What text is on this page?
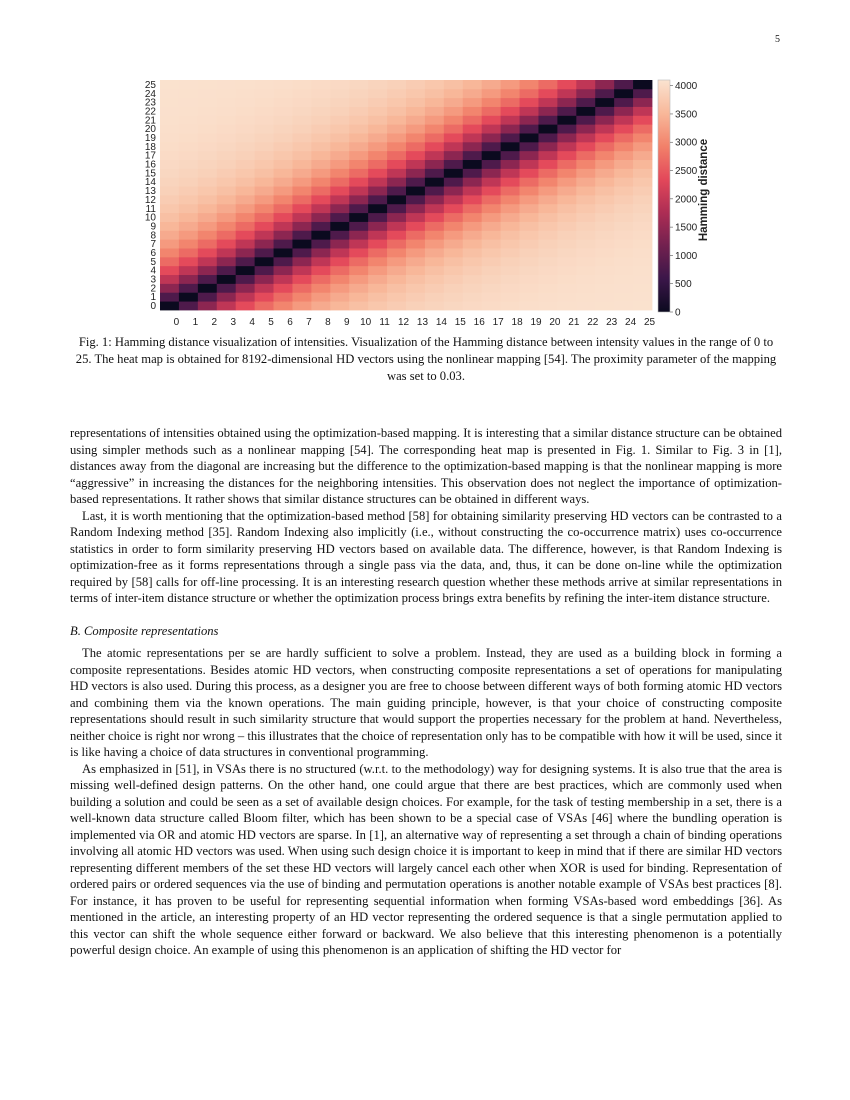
5
0
1
2
3
4
5
6
7
8
9
10
11
12
13
14
15
16
17
18
19
20
21
22
23
24
25
0 1 2 3 4 5 6 7 8 9 10 11 12 13 14 15 16 17 18 19 20 21 22 23 24 25
0
500
1000
1500
2000
2500
3000
3500
4000
Hamming distance
Fig. 1: Hamming distance visualization of intensities. Visualization of the Hamming distance between intensity values in the range of 0 to 25. The heat map is obtained for 8192-dimensional HD vectors using the nonlinear mapping [54]. The proximity parameter of the mapping was set to 0.03.

representations of intensities obtained using the optimization-based mapping. It is interesting that a similar distance structure can be obtained using simpler methods such as a nonlinear mapping [54]. The corresponding heat map is presented in Fig. 1. Similar to Fig. 3 in [1], distances away from the diagonal are increasing but the difference to the optimization-based mapping is that the nonlinear mapping is more “aggressive” in increasing the distances for the neighboring intensities. This observation does not neglect the importance of optimization-based representations. It rather shows that similar distance structures can be obtained in different ways.

Last, it is worth mentioning that the optimization-based method [58] for obtaining similarity preserving HD vectors can be contrasted to a Random Indexing method [35]. Random Indexing also implicitly (i.e., without constructing the co-occurrence matrix) uses co-occurrence statistics in order to form similarity preserving HD vectors based on available data. The difference, however, is that Random Indexing is optimization-free as it forms representations through a single pass via the data, and, thus, it can be done on-line while the optimization required by [58] calls for off-line processing. It is an interesting research question whether these methods arrive at similar representations in terms of inter-item distance structure or whether the optimization process brings extra benefits by refining the inter-item distance structure.

B. Composite representations

The atomic representations per se are hardly sufficient to solve a problem. Instead, they are used as a building block in forming a composite representations. Besides atomic HD vectors, when constructing composite representations a set of operations for manipulating HD vectors is also used. During this process, as a designer you are free to choose between different ways of both forming atomic HD vectors and combining them via the known operations. The main guiding principle, however, is that your choice of constructing composite representations should result in such similarity structure that would support the properties necessary for the problem at hand. Nevertheless, neither choice is right nor wrong – this illustrates that the choice of representation only has to be compatible with how it will be used, since it is like having a choice of data structures in conventional programming.

As emphasized in [51], in VSAs there is no structured (w.r.t. to the methodology) way for designing systems. It is also true that the area is missing well-defined design patterns. On the other hand, one could argue that there are best practices, which are commonly used when building a solution and could be seen as a set of available design choices. For example, for the task of testing membership in a set, there is a well-known data structure called Bloom filter, which has been shown to be a special case of VSAs [46] where the bundling operation is implemented via OR and atomic HD vectors are sparse. In [1], an alternative way of representing a set through a chain of binding operations involving all atomic HD vectors was used. When using such design choice it is important to keep in mind that if there are similar HD vectors representing different members of the set these HD vectors will largely cancel each other when XOR is used for binding. Representation of ordered pairs or ordered sequences via the use of binding and permutation operations is another notable example of VSAs best practices [8]. For instance, it has proven to be useful for representing sequential information when forming VSAs-based word embeddings [36]. As mentioned in the article, an interesting property of an HD vector representing the ordered sequence is that a single permutation applied to this vector can shift the whole sequence either forward or backward. We also believe that this interesting phenomenon is a potentially powerful design choice. An example of using this phenomenon is an application of shifting the HD vector for
